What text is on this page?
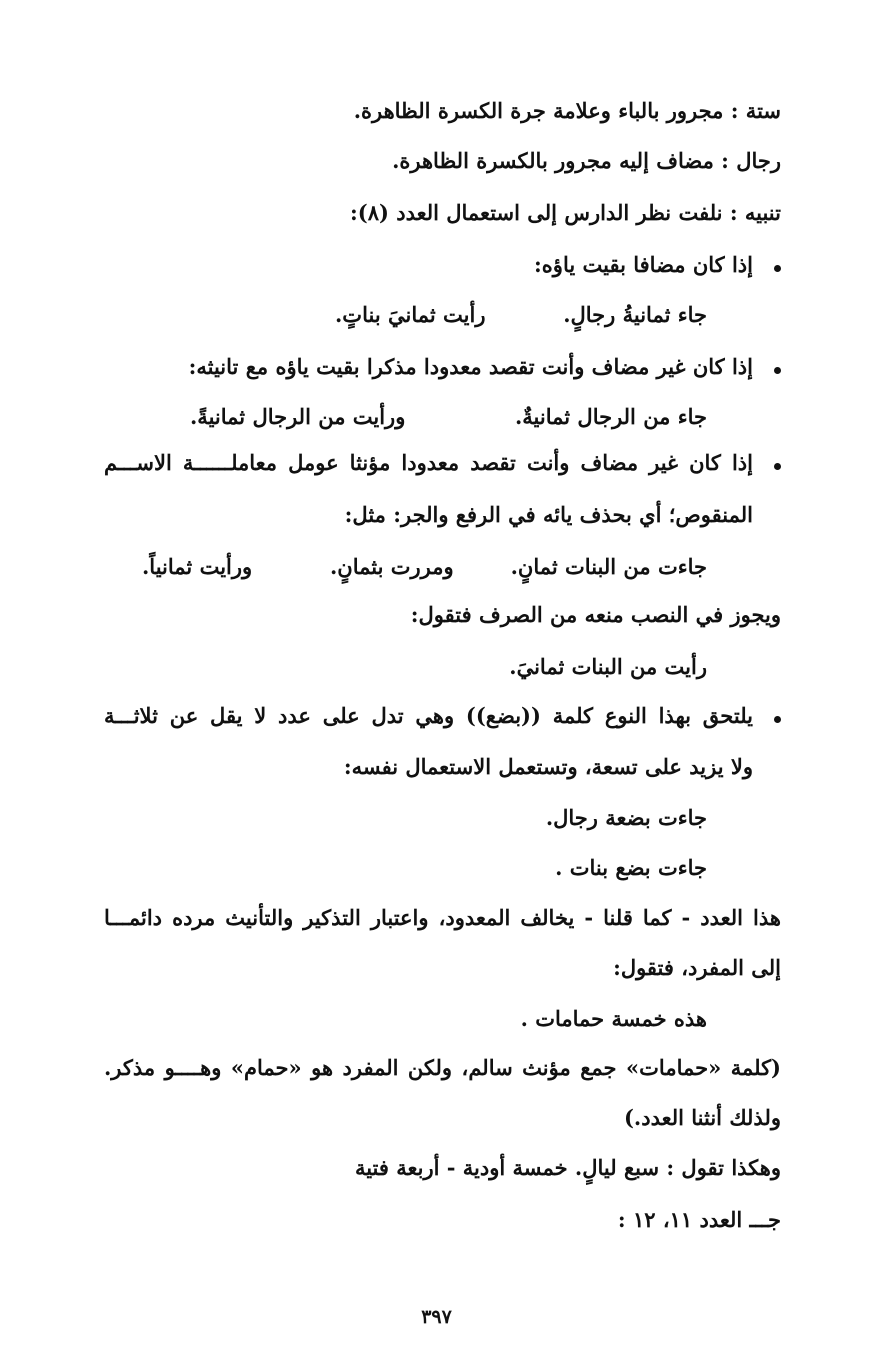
ستة : مجرور بالباء وعلامة جرة الكسرة الظاهرة.
رجال : مضاف إليه مجرور بالكسرة الظاهرة.
تنبيه : نلفت نظر الدارس إلى استعمال العدد (٨):
إذا كان مضافا بقيت ياؤه:
جاء ثمانيةُ رجالٍ.
رأيت ثمانيَ بناتٍ.
إذا كان غير مضاف وأنت تقصد معدودا مذكرا بقيت ياؤه مع تانيثه:
جاء من الرجال ثمانيةٌ.
ورأيت من الرجال ثمانيةً.
إذا كان غير مضاف وأنت تقصد معدودا مؤنثا عومل معاملــــــة الاســـم
المنقوص؛ أي بحذف يائه في الرفع والجر: مثل:
جاءت من البنات ثمانٍ.
ومررت بثمانٍ.
ورأيت ثمانياً.
ويجوز في النصب منعه من الصرف فتقول:
رأيت من البنات ثمانيَ.
يلتحق بهذا النوع كلمة ((بضع)) وهي تدل على عدد لا يقل عن ثلاثـــة
ولا يزيد على تسعة، وتستعمل الاستعمال نفسه:
جاءت بضعة رجال.
جاءت بضع بنات .
هذا العدد - كما قلنا - يخالف المعدود، واعتبار التذكير والتأنيث مرده دائمـــا
إلى المفرد، فتقول:
هذه خمسة حمامات .
(كلمة «حمامات» جمع مؤنث سالم، ولكن المفرد هو «حمام» وهــــو مذكر.
ولذلك أنثنا العدد.)
وهكذا تقول : سبع ليالٍ. خمسة أودية - أربعة فتية
جـــ العدد ١١، ١٢ :
٣٩٧
